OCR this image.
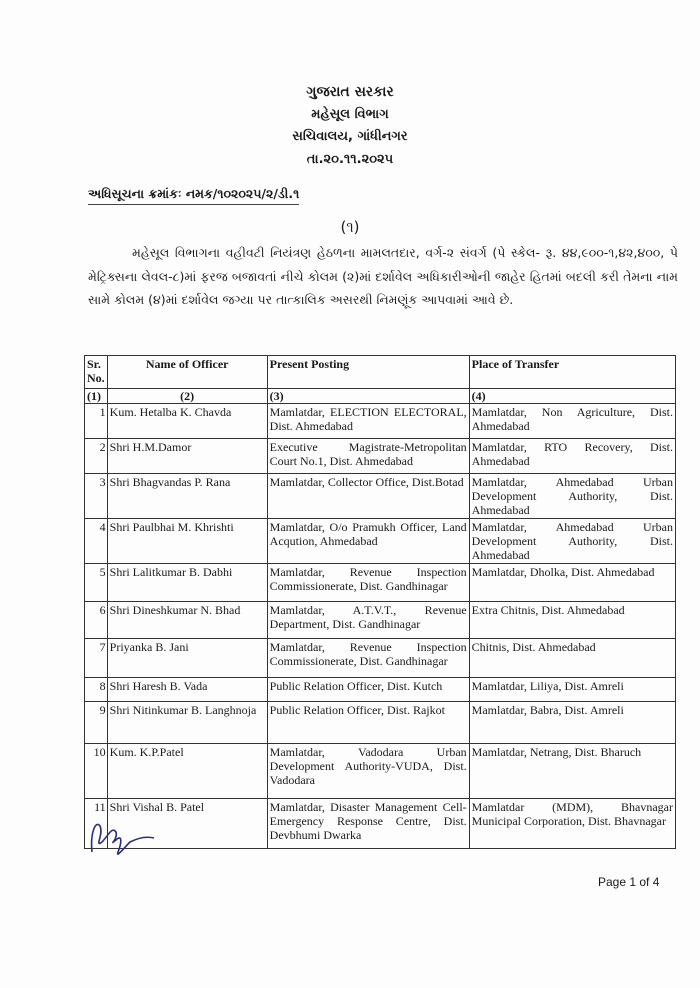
ગુજરાત સરકાર
મહેસૂલ વિભાગ
સચિવાલય, ગાંધીનગર
તા.૨૦.૧૧.૨૦૨૫
અધિસૂચના ક્રમાંકઃ નમક/૧૦૨૦૨૫/૨/ડી.૧
(૧)
મહેસૂલ વિભાગના વહીવટી નિયંત્રણ હેઠળના મામલતદાર, વર્ગ-૨ સંવર્ગ (પે સ્કેલ- રૂ. ૪૪,૯૦૦-૧,૪૨,૪૦૦, પે મેટ્રિક્સના લેવલ-૮)માં ફરજ બજાવતાં નીચે કોલમ (૨)માં દર્શાવેલ અધિકારીઓની જાહેર હિતમાં બદલી કરી તેમના નામ સામે કોલમ (૪)માં દર્શાવેલ જગ્યા પર તાત્કાલિક અસરથી નિમણૂંક આપવામાં આવે છે.
Sr. No.	Name of Officer	Present Posting	Place of Transfer
(1)	(2)	(3)	(4)
1	Kum. Hetalba K. Chavda	Mamlatdar, ELECTION ELECTORAL, Dist. Ahmedabad	Mamlatdar, Non Agriculture, Dist. Ahmedabad
2	Shri H.M.Damor	Executive Magistrate-Metropolitan Court No.1, Dist. Ahmedabad	Mamlatdar, RTO Recovery, Dist. Ahmedabad
3	Shri Bhagvandas P. Rana	Mamlatdar, Collector Office, Dist.Botad	Mamlatdar, Ahmedabad Urban Development Authority, Dist. Ahmedabad
4	Shri Paulbhai M. Khrishti	Mamlatdar, O/o Pramukh Officer, Land Acqution, Ahmedabad	Mamlatdar, Ahmedabad Urban Development Authority, Dist. Ahmedabad
5	Shri Lalitkumar B. Dabhi	Mamlatdar, Revenue Inspection Commissionerate, Dist. Gandhinagar	Mamlatdar, Dholka, Dist. Ahmedabad
6	Shri Dineshkumar N. Bhad	Mamlatdar, A.T.V.T., Revenue Department, Dist. Gandhinagar	Extra Chitnis, Dist. Ahmedabad
7	Priyanka B. Jani	Mamlatdar, Revenue Inspection Commissionerate, Dist. Gandhinagar	Chitnis, Dist. Ahmedabad
8	Shri Haresh B. Vada	Public Relation Officer, Dist. Kutch	Mamlatdar, Liliya, Dist. Amreli
9	Shri Nitinkumar B. Langhnoja	Public Relation Officer, Dist. Rajkot	Mamlatdar, Babra, Dist. Amreli
10	Kum. K.P.Patel	Mamlatdar, Vadodara Urban Development Authority-VUDA, Dist. Vadodara	Mamlatdar, Netrang, Dist. Bharuch
11	Shri Vishal B. Patel	Mamlatdar, Disaster Management Cell-Emergency Response Centre, Dist. Devbhumi Dwarka	Mamlatdar (MDM), Bhavnagar Municipal Corporation, Dist. Bhavnagar
Page 1 of 4
